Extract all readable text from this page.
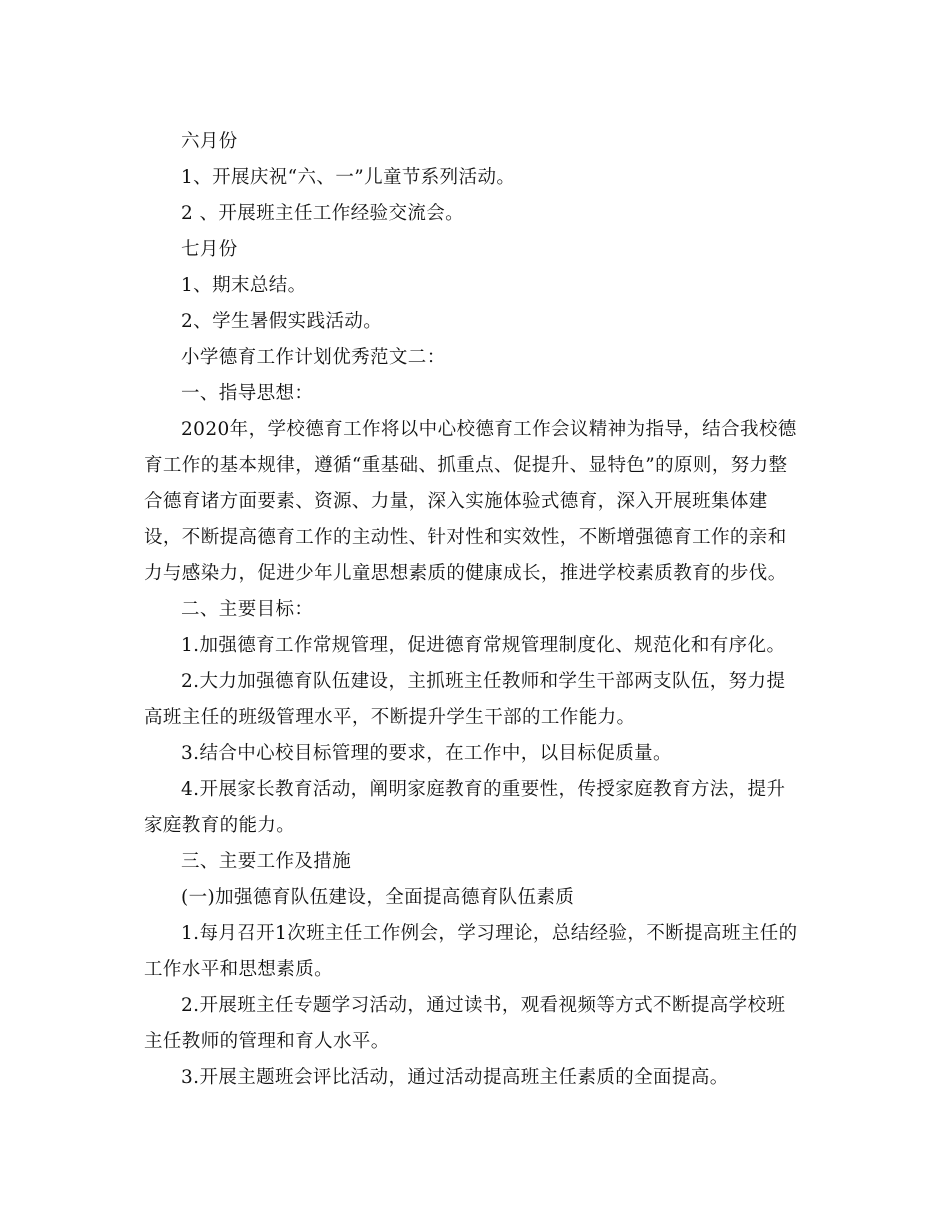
六月份

1、开展庆祝“六、一”儿童节系列活动。

2 、开展班主任工作经验交流会。

七月份

1、期末总结。

2、学生暑假实践活动。

小学德育工作计划优秀范文二：

一、指导思想：

2020年，学校德育工作将以中心校德育工作会议精神为指导，结合我校德育工作的基本规律，遵循“重基础、抓重点、促提升、显特色”的原则，努力整合德育诸方面要素、资源、力量，深入实施体验式德育，深入开展班集体建设，不断提高德育工作的主动性、针对性和实效性，不断增强德育工作的亲和力与感染力，促进少年儿童思想素质的健康成长，推进学校素质教育的步伐。

二、主要目标：

1.加强德育工作常规管理，促进德育常规管理制度化、规范化和有序化。

2.大力加强德育队伍建设，主抓班主任教师和学生干部两支队伍，努力提高班主任的班级管理水平，不断提升学生干部的工作能力。

3.结合中心校目标管理的要求，在工作中，以目标促质量。

4.开展家长教育活动，阐明家庭教育的重要性，传授家庭教育方法，提升家庭教育的能力。

三、主要工作及措施

(一)加强德育队伍建设，全面提高德育队伍素质

1.每月召开1次班主任工作例会，学习理论，总结经验，不断提高班主任的工作水平和思想素质。

2.开展班主任专题学习活动，通过读书，观看视频等方式不断提高学校班主任教师的管理和育人水平。

3.开展主题班会评比活动，通过活动提高班主任素质的全面提高。
